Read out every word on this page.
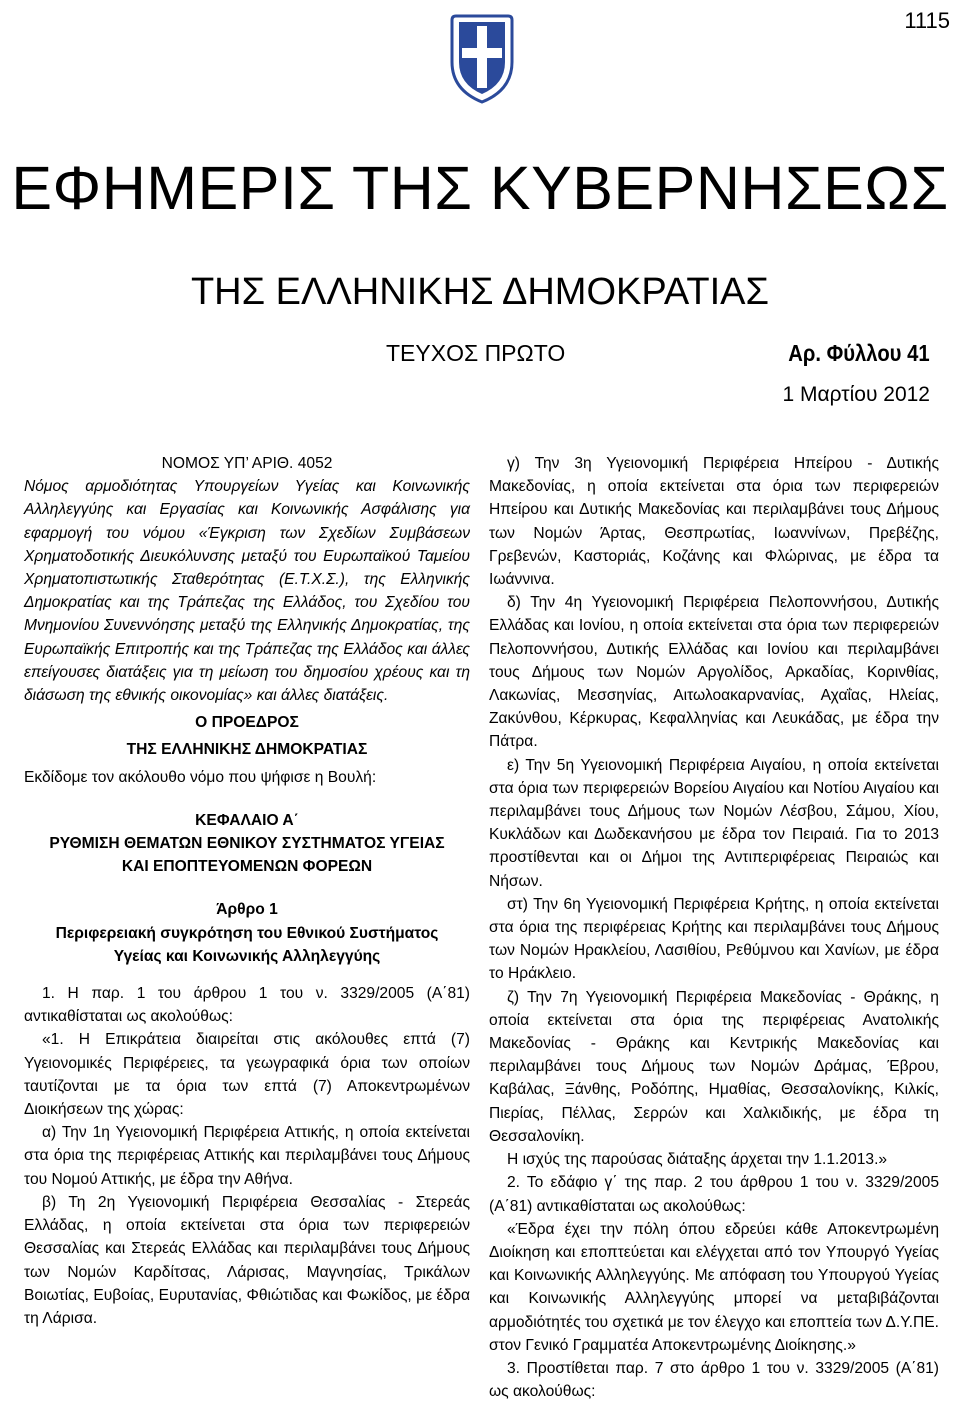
1115
ΕΦΗΜΕΡΙΣ ΤΗΣ ΚΥΒΕΡΝΗΣΕΩΣ
ΤΗΣ ΕΛΛΗΝΙΚΗΣ ΔΗΜΟΚΡΑΤΙΑΣ
ΤΕΥΧΟΣ ΠΡΩΤΟ	Αρ. Φύλλου 41
1 Μαρτίου 2012

ΝΟΜΟΣ ΥΠ’ ΑΡΙΘ. 4052

Νόμος αρμοδιότητας Υπουργείων Υγείας και Κοινωνικής Αλληλεγγύης και Εργασίας και Κοινωνικής Ασφάλισης για εφαρμογή του νόμου «Έγκριση των Σχεδίων Συμβάσεων Χρηματοδοτικής Διευκόλυνσης μεταξύ του Ευρωπαϊκού Ταμείου Χρηματοπιστωτικής Σταθερότητας (Ε.Τ.Χ.Σ.), της Ελληνικής Δημοκρατίας και της Τράπεζας της Ελλάδος, του Σχεδίου του Μνημονίου Συνεννόησης μεταξύ της Ελληνικής Δημοκρατίας, της Ευρωπαϊκής Επιτροπής και της Τράπεζας της Ελλάδος και άλλες επείγουσες διατάξεις για τη μείωση του δημοσίου χρέους και τη διάσωση της εθνικής οικονομίας» και άλλες διατάξεις.

Ο ΠΡΟΕΔΡΟΣ

ΤΗΣ ΕΛΛΗΝΙΚΗΣ ΔΗΜΟΚΡΑΤΙΑΣ

Εκδίδομε τον ακόλουθο νόμο που ψήφισε η Βουλή:

ΚΕΦΑΛΑΙΟ Α΄

ΡΥΘΜΙΣΗ ΘΕΜΑΤΩΝ ΕΘΝΙΚΟΥ ΣΥΣΤΗΜΑΤΟΣ ΥΓΕΙΑΣ

ΚΑΙ ΕΠΟΠΤΕΥΟΜΕΝΩΝ ΦΟΡΕΩΝ

Άρθρο 1

Περιφερειακή συγκρότηση του Εθνικού Συστήματος

Υγείας και Κοινωνικής Αλληλεγγύης

1. Η παρ. 1 του άρθρου 1 του ν. 3329/2005 (Α΄81) αντικαθίσταται ως ακολούθως:

«1. Η Επικράτεια διαιρείται στις ακόλουθες επτά (7) Υγειονομικές Περιφέρειες, τα γεωγραφικά όρια των οποίων ταυτίζονται με τα όρια των επτά (7) Αποκεντρωμένων Διοικήσεων της χώρας:

α) Την 1η Υγειονομική Περιφέρεια Αττικής, η οποία εκτείνεται στα όρια της περιφέρειας Αττικής και περιλαμβάνει τους Δήμους του Νομού Αττικής, με έδρα την Αθήνα.

β) Τη 2η Υγειονομική Περιφέρεια Θεσσαλίας - Στερεάς Ελλάδας, η οποία εκτείνεται στα όρια των περιφερειών Θεσσαλίας και Στερεάς Ελλάδας και περιλαμβάνει τους Δήμους των Νομών Καρδίτσας, Λάρισας, Μαγνησίας, Τρικάλων Βοιωτίας, Ευβοίας, Ευρυτανίας, Φθιώτιδας και Φωκίδος, με έδρα τη Λάρισα.

γ) Την 3η Υγειονομική Περιφέρεια Ηπείρου - Δυτικής Μακεδονίας, η οποία εκτείνεται στα όρια των περιφερειών Ηπείρου και Δυτικής Μακεδονίας και περιλαμβάνει τους Δήμους των Νομών Άρτας, Θεσπρωτίας, Ιωαννίνων, Πρεβέζης, Γρεβενών, Καστοριάς, Κοζάνης και Φλώρινας, με έδρα τα Ιωάννινα.

δ) Την 4η Υγειονομική Περιφέρεια Πελοποννήσου, Δυτικής Ελλάδας και Ιονίου, η οποία εκτείνεται στα όρια των περιφερειών Πελοποννήσου, Δυτικής Ελλάδας και Ιονίου και περιλαμβάνει τους Δήμους των Νομών Αργολίδος, Αρκαδίας, Κορινθίας, Λακωνίας, Μεσσηνίας, Αιτωλοακαρνανίας, Αχαΐας, Ηλείας, Ζακύνθου, Κέρκυρας, Κεφαλληνίας και Λευκάδας, με έδρα την Πάτρα.

ε) Την 5η Υγειονομική Περιφέρεια Αιγαίου, η οποία εκτείνεται στα όρια των περιφερειών Βορείου Αιγαίου και Νοτίου Αιγαίου και περιλαμβάνει τους Δήμους των Νομών Λέσβου, Σάμου, Χίου, Κυκλάδων και Δωδεκανήσου με έδρα τον Πειραιά. Για το 2013 προστίθενται και οι Δήμοι της Αντιπεριφέρειας Πειραιώς και Νήσων.

στ) Την 6η Υγειονομική Περιφέρεια Κρήτης, η οποία εκτείνεται στα όρια της περιφέρειας Κρήτης και περιλαμβάνει τους Δήμους των Νομών Ηρακλείου, Λασιθίου, Ρεθύμνου και Χανίων, με έδρα το Ηράκλειο.

ζ) Την 7η Υγειονομική Περιφέρεια Μακεδονίας - Θράκης, η οποία εκτείνεται στα όρια της περιφέρειας Ανατολικής Μακεδονίας - Θράκης και Κεντρικής Μακεδονίας και περιλαμβάνει τους Δήμους των Νομών Δράμας, Έβρου, Καβάλας, Ξάνθης, Ροδόπης, Ημαθίας, Θεσσαλονίκης, Κιλκίς, Πιερίας, Πέλλας, Σερρών και Χαλκιδικής, με έδρα τη Θεσσαλονίκη.

Η ισχύς της παρούσας διάταξης άρχεται την 1.1.2013.»

2. Το εδάφιο γ΄ της παρ. 2 του άρθρου 1 του ν. 3329/2005 (Α΄81) αντικαθίσταται ως ακολούθως:

«Έδρα έχει την πόλη όπου εδρεύει κάθε Αποκεντρωμένη Διοίκηση και εποπτεύεται και ελέγχεται από τον Υπουργό Υγείας και Κοινωνικής Αλληλεγγύης. Με απόφαση του Υπουργού Υγείας και Κοινωνικής Αλληλεγγύης μπορεί να μεταβιβάζονται αρμοδιότητές του σχετικά με τον έλεγχο και εποπτεία των Δ.Υ.ΠΕ. στον Γενικό Γραμματέα Αποκεντρωμένης Διοίκησης.»

3. Προστίθεται παρ. 7 στο άρθρο 1 του ν. 3329/2005 (Α΄81) ως ακολούθως:
